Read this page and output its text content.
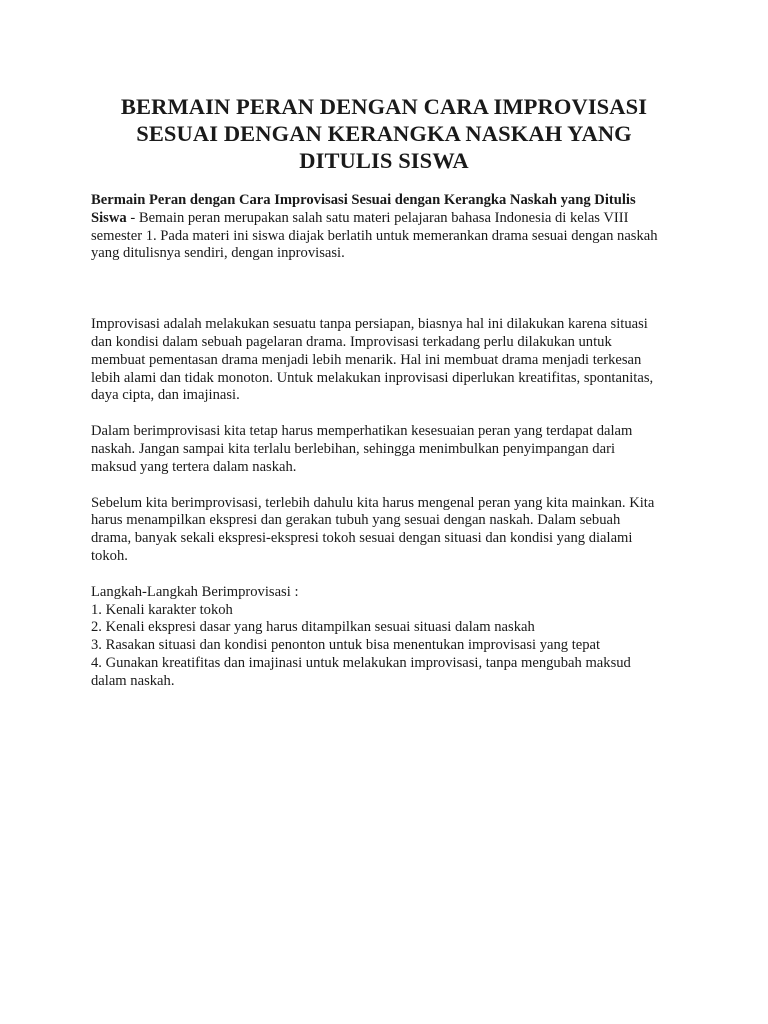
BERMAIN PERAN DENGAN CARA IMPROVISASI
SESUAI DENGAN KERANGKA NASKAH YANG
DITULIS SISWA
Bermain Peran dengan Cara Improvisasi Sesuai dengan Kerangka Naskah yang Ditulis
Siswa - Bemain peran merupakan salah satu materi pelajaran bahasa Indonesia di kelas VIII
semester 1. Pada materi ini siswa diajak berlatih untuk memerankan drama sesuai dengan naskah
yang ditulisnya sendiri, dengan inprovisasi.
Improvisasi adalah melakukan sesuatu tanpa persiapan, biasnya hal ini dilakukan karena situasi
dan kondisi dalam sebuah pagelaran drama. Improvisasi terkadang perlu dilakukan untuk
membuat pementasan drama menjadi lebih menarik. Hal ini membuat drama menjadi terkesan
lebih alami dan tidak monoton. Untuk melakukan inprovisasi diperlukan kreatifitas, spontanitas,
daya cipta, dan imajinasi.
Dalam berimprovisasi kita tetap harus memperhatikan kesesuaian peran yang terdapat dalam
naskah. Jangan sampai kita terlalu berlebihan, sehingga menimbulkan penyimpangan dari
maksud yang tertera dalam naskah.
Sebelum kita berimprovisasi, terlebih dahulu kita harus mengenal peran yang kita mainkan. Kita
harus menampilkan ekspresi dan gerakan tubuh yang sesuai dengan naskah. Dalam sebuah
drama, banyak sekali ekspresi-ekspresi tokoh sesuai dengan situasi dan kondisi yang dialami
tokoh.
Langkah-Langkah Berimprovisasi :
1. Kenali karakter tokoh
2. Kenali ekspresi dasar yang harus ditampilkan sesuai situasi dalam naskah
3. Rasakan situasi dan kondisi penonton untuk bisa menentukan improvisasi yang tepat
4. Gunakan kreatifitas dan imajinasi untuk melakukan improvisasi, tanpa mengubah maksud
dalam naskah.
